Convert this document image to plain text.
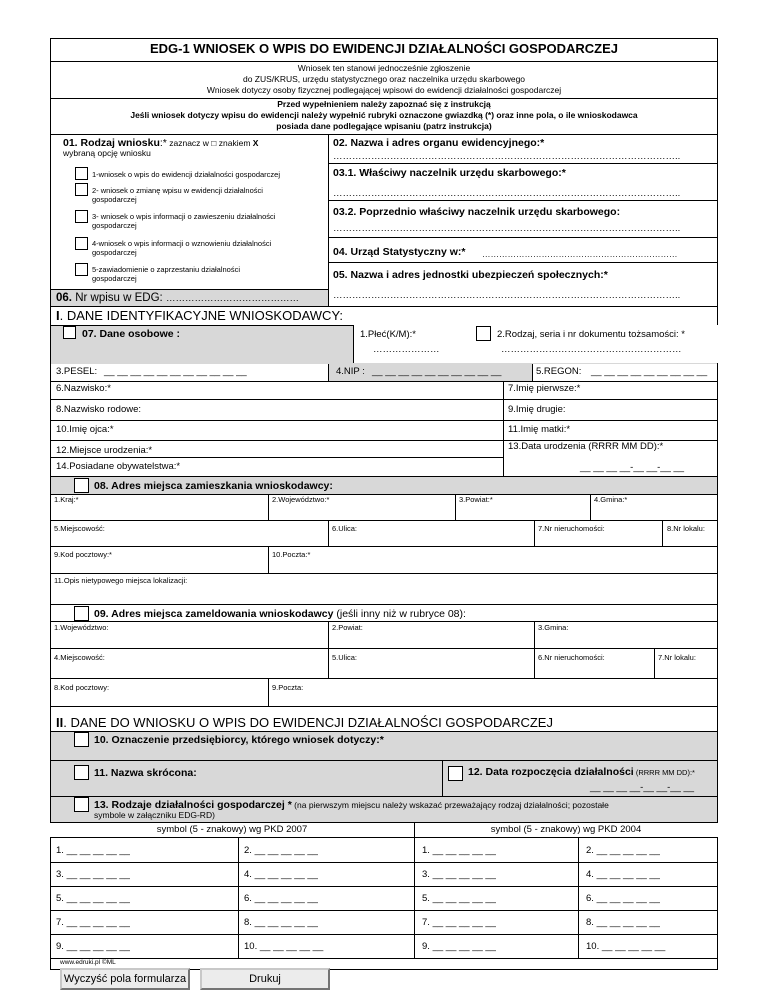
EDG-1 WNIOSEK O WPIS DO EWIDENCJI DZIAŁALNOŚCI GOSPODARCZEJ
Wniosek ten stanowi jednocześnie zgłoszenie
do ZUS/KRUS, urzędu statystycznego oraz naczelnika urzędu skarbowego
Wniosek dotyczy osoby fizycznej podlegającej wpisowi do ewidencji działalności gospodarczej
Przed wypełnieniem należy zapoznać się z instrukcją
Jeśli wniosek dotyczy wpisu do ewidencji należy wypełnić rubryki oznaczone gwiazdką (*) oraz inne pola, o ile wnioskodawca
posiada dane podlegające wpisaniu (patrz instrukcja)
01. Rodzaj wniosku:* zaznacz w □ znakiem X
wybraną opcję wniosku
1-wniosek o wpis do ewidencji działalności gospodarczej
2- wniosek o zmianę wpisu w ewidencji działalności
gospodarczej
3- wniosek o wpis informacji o zawieszeniu działalności
gospodarczej
4-wniosek o wpis informacji o wznowieniu działalności
gospodarczej
5-zawiadomienie o zaprzestaniu działalności
gospodarczej
02. Nazwa i adres organu ewidencyjnego:*
………………………………………………………………………………………………..
03.1. Właściwy naczelnik urzędu skarbowego:*
………………………………………………………………………………………………..
03.2. Poprzednio właściwy naczelnik urzędu skarbowego:
………………………………………………………………………………………………..
04. Urząd Statystyczny w:* ……………………………………………………………
05. Nazwa i adres jednostki ubezpieczeń społecznych:*
………………………………………………………………………………………………..
06. Nr wpisu w EDG: ……………………………………
I. DANE IDENTYFIKACYJNE WNIOSKODAWCY:
07. Dane osobowe :	1.Płeć(K/M):*
…………………
2.Rodzaj, seria i nr dokumentu tożsamości: *
…………………………………………………
3.PESEL: __ __ __ __ __ __ __ __ __ __ __	4.NIP : __ __ __ __ __ __ __ __ __ __	5.REGON: __ __ __ __ __ __ __ __ __
6.Nazwisko:*	7.Imię pierwsze:*
8.Nazwisko rodowe:	9.Imię drugie:
10.Imię ojca:*	11.Imię matki:*
12.Miejsce urodzenia:*	13.Data urodzenia (RRRR MM DD):*
__ __ __ __-__ __-__ __
14.Posiadane obywatelstwa:*
08. Adres miejsca zamieszkania wnioskodawcy:
1.Kraj:*	2.Województwo:*	3.Powiat:*	4.Gmina:*
5.Miejscowość:	6.Ulica:	7.Nr nieruchomości:	8.Nr lokalu:
9.Kod pocztowy:*	10.Poczta:*
11.Opis nietypowego miejsca lokalizacji:
09. Adres miejsca zameldowania wnioskodawcy (jeśli inny niż w rubryce 08):
1.Województwo:	2.Powiat:	3.Gmina:
4.Miejscowość:	5.Ulica:	6.Nr nieruchomości:	7.Nr lokalu:
8.Kod pocztowy:	9.Poczta:
II. DANE DO WNIOSKU O WPIS DO EWIDENCJI DZIAŁALNOŚCI GOSPODARCZEJ
10. Oznaczenie przedsiębiorcy, którego wniosek dotyczy:*
11. Nazwa skrócona:	12. Data rozpoczęcia działalności (RRRR MM DD):*
__ __ __ __-__ __-__ __
13. Rodzaje działalności gospodarczej * (na pierwszym miejscu należy wskazać przeważający rodzaj działalności; pozostałe
symbole w załączniku EDG-RD)
symbol (5 - znakowy) wg PKD 2007	symbol (5 - znakowy) wg PKD 2004
1. __ __ __ __ __	2. __ __ __ __ __	1. __ __ __ __ __	2. __ __ __ __ __
3. __ __ __ __ __	4. __ __ __ __ __	3. __ __ __ __ __	4. __ __ __ __ __
5. __ __ __ __ __	6. __ __ __ __ __	5. __ __ __ __ __	6. __ __ __ __ __
7. __ __ __ __ __	8. __ __ __ __ __	7. __ __ __ __ __	8. __ __ __ __ __
9. __ __ __ __ __	10. __ __ __ __ __	9. __ __ __ __ __	10. __ __ __ __ __
www.edruki.pl ©ML
Wyczyść pola formularza	Drukuj
